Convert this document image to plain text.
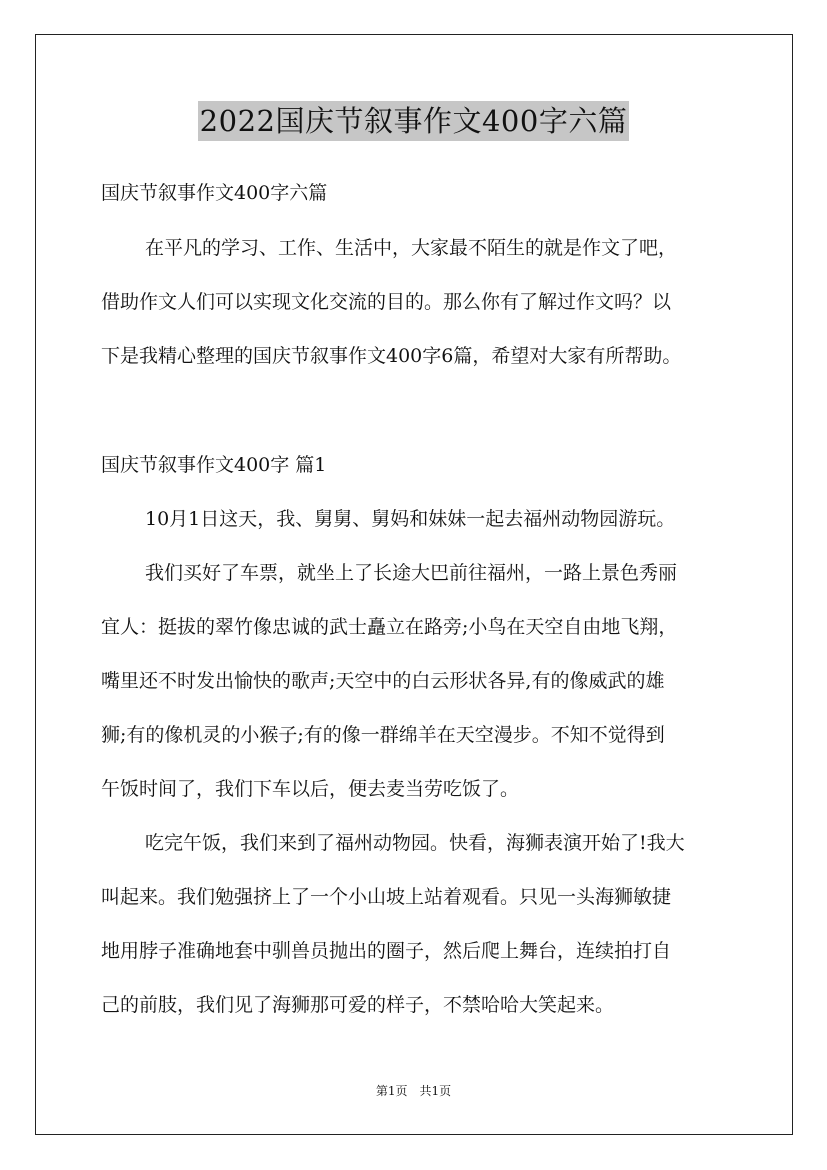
2022国庆节叙事作文400字六篇
国庆节叙事作文400字六篇
在平凡的学习、工作、生活中，大家最不陌生的就是作文了吧，
借助作文人们可以实现文化交流的目的。那么你有了解过作文吗？以
下是我精心整理的国庆节叙事作文400字6篇，希望对大家有所帮助。
国庆节叙事作文400字 篇1
10月1日这天，我、舅舅、舅妈和妹妹一起去福州动物园游玩。
我们买好了车票，就坐上了长途大巴前往福州，一路上景色秀丽
宜人：挺拔的翠竹像忠诚的武士矗立在路旁;小鸟在天空自由地飞翔，
嘴里还不时发出愉快的歌声;天空中的白云形状各异,有的像威武的雄
狮;有的像机灵的小猴子;有的像一群绵羊在天空漫步。不知不觉得到
午饭时间了，我们下车以后，便去麦当劳吃饭了。
吃完午饭，我们来到了福州动物园。快看，海狮表演开始了!我大
叫起来。我们勉强挤上了一个小山坡上站着观看。只见一头海狮敏捷
地用脖子准确地套中驯兽员抛出的圈子，然后爬上舞台，连续拍打自
己的前肢，我们见了海狮那可爱的样子，不禁哈哈大笑起来。
第1页 共1页
